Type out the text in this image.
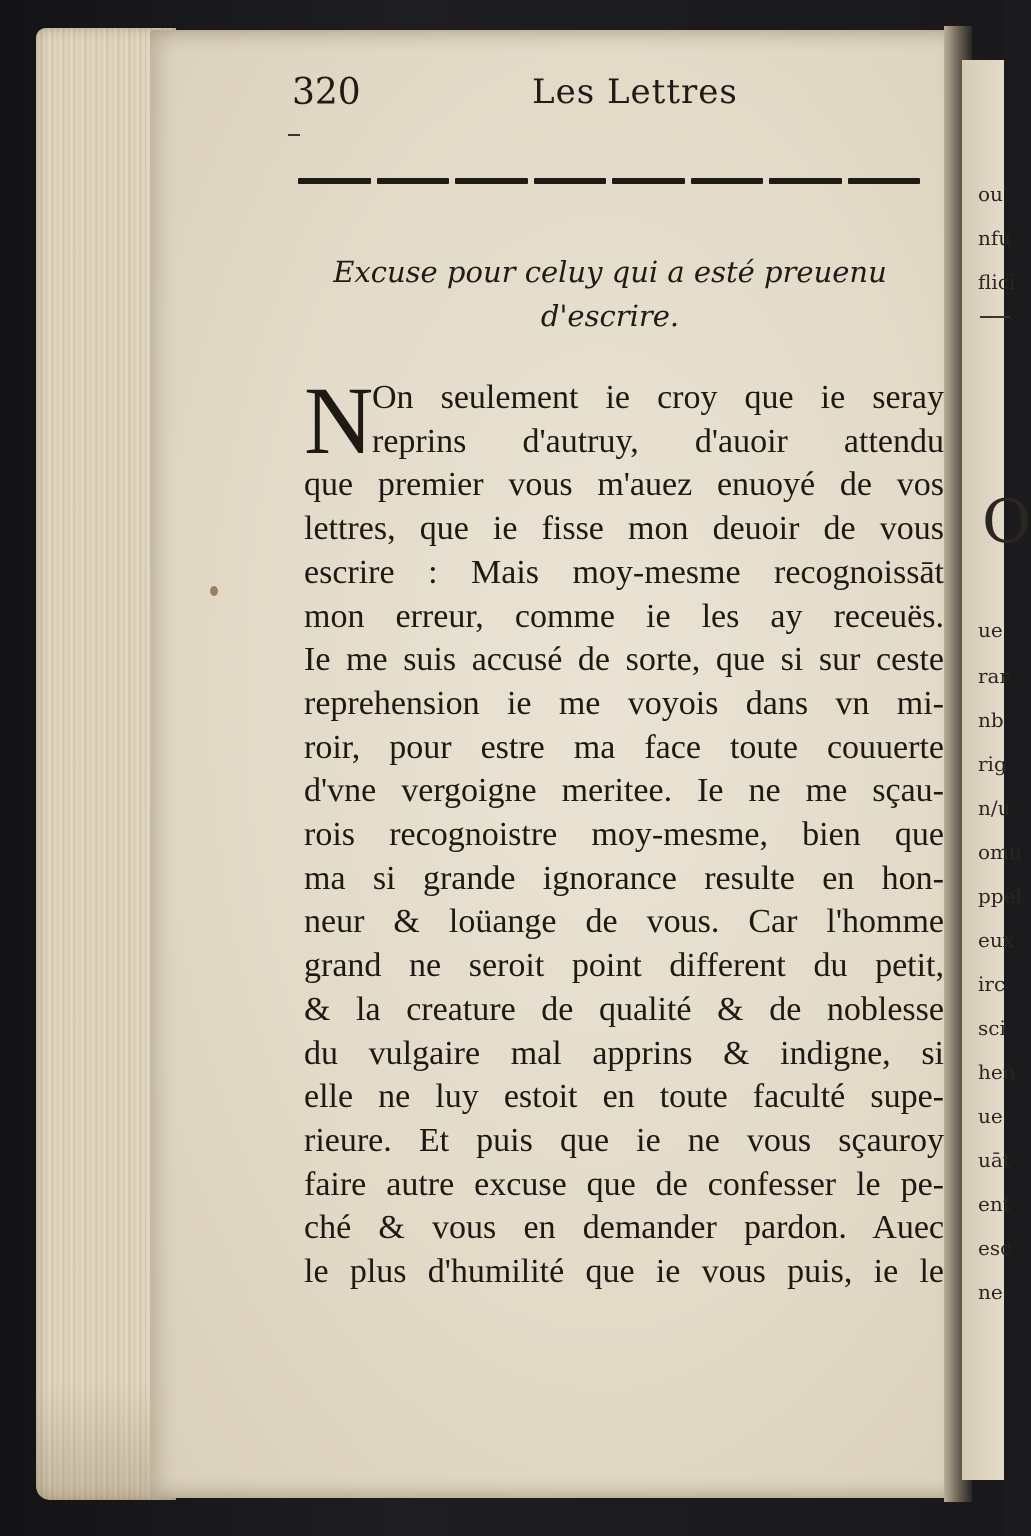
ou
nfu
flici
O
ue
rar
nb
rig
n/u
omu
ppel
eux
irc
sci
hen
ue
uāt
ent
esc
ne
320	Les Lettres
Excuse pour celuy qui a esté preuenu
d'escrire.
N
On seulement ie croy que ie seray
reprins d'autruy, d'auoir attendu
que premier vous m'auez enuoyé de vos
lettres, que ie fisse mon deuoir de vous
escrire : Mais moy-mesme recognoissāt
mon erreur, comme ie les ay receuës.
Ie me suis accusé de sorte, que si sur ceste
reprehension ie me voyois dans vn mi-
roir, pour estre ma face toute couuerte
d'vne vergoigne meritee. Ie ne me sçau-
rois recognoistre moy-mesme, bien que
ma si grande ignorance resulte en hon-
neur & loüange de vous. Car l'homme
grand ne seroit point different du petit,
& la creature de qualité & de noblesse
du vulgaire mal apprins & indigne, si
elle ne luy estoit en toute faculté supe-
rieure. Et puis que ie ne vous sçauroy
faire autre excuse que de confesser le pe-
ché & vous en demander pardon. Auec
le plus d'humilité que ie vous puis, ie le
